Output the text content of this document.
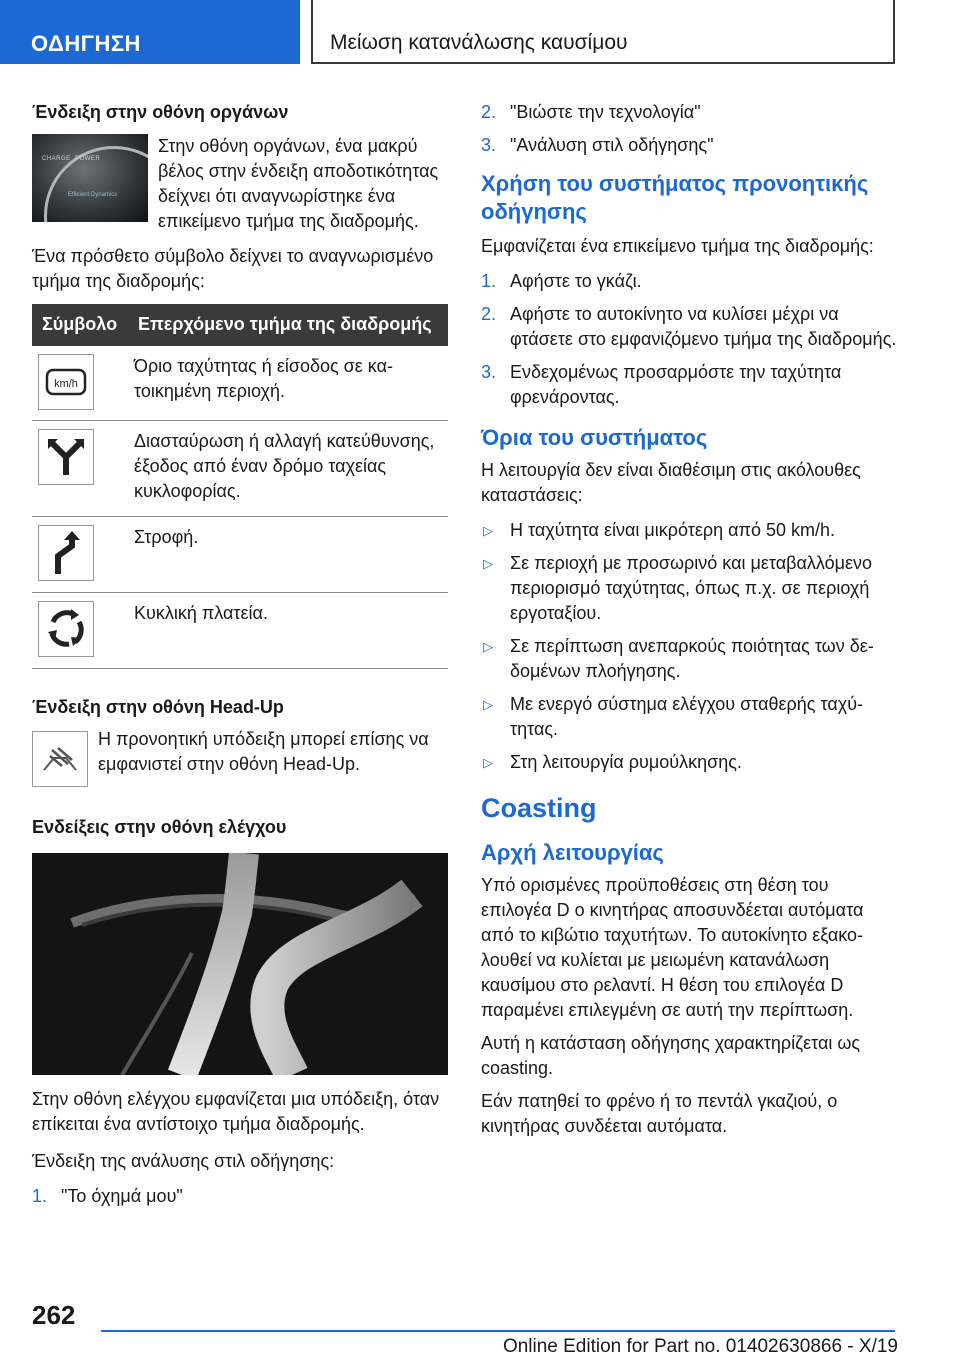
ΟΔΗΓΗΣΗ	Μείωση κατανάλωσης καυσίμου
Ένδειξη στην οθόνη οργάνων
CHARGE POWER
Efficient Dynamics

Στην οθόνη οργάνων, ένα μακρύ βέλος στην ένδειξη αποδοτικότητας δείχνει ότι αναγνωρίστηκε ένα επικείμενο τμήμα της διαδρομής.

Ένα πρόσθετο σύμβολο δείχνει το αναγνωρισμένο τμήμα της διαδρομής:

Σύμβολο	Επερχόμενο τμήμα της διαδρομής

km/h	Όριο ταχύτητας ή είσοδος σε κατοικημένη περιοχή.

	Διασταύρωση ή αλλαγή κατεύθυνσης, έξοδος από έναν δρόμο ταχείας κυκλοφορίας.

	Στροφή.

	Κυκλική πλατεία.
Ένδειξη στην οθόνη Head-Up

Η προνοητική υπόδειξη μπορεί επίσης να εμφανιστεί στην οθόνη Head-Up.

Ενδείξεις στην οθόνη ελέγχου

Στην οθόνη ελέγχου εμφανίζεται μια υπόδειξη, όταν επίκειται ένα αντίστοιχο τμήμα διαδρομής.

Ένδειξη της ανάλυσης στιλ οδήγησης:

1. "Το όχημά μου"
2. "Βιώστε την τεχνολογία"
3. "Ανάλυση στιλ οδήγησης"
Χρήση του συστήματος προνοητικής οδήγησης

Εμφανίζεται ένα επικείμενο τμήμα της διαδρομής:

1. Αφήστε το γκάζι.
2. Αφήστε το αυτοκίνητο να κυλίσει μέχρι να φτάσετε στο εμφανιζόμενο τμήμα της διαδρομής.
3. Ενδεχομένως προσαρμόστε την ταχύτητα φρενάροντας.
Όρια του συστήματος

Η λειτουργία δεν είναι διαθέσιμη στις ακόλουθες καταστάσεις:

▷ Η ταχύτητα είναι μικρότερη από 50 km/h.
▷ Σε περιοχή με προσωρινό και μεταβαλλόμενο περιορισμό ταχύτητας, όπως π.χ. σε περιοχή εργοταξίου.
▷ Σε περίπτωση ανεπαρκούς ποιότητας των δεδομένων πλοήγησης.
▷ Με ενεργό σύστημα ελέγχου σταθερής ταχύτητας.
▷ Στη λειτουργία ρυμούλκησης.
Coasting
Αρχή λειτουργίας

Υπό ορισμένες προϋποθέσεις στη θέση του επιλογέα D ο κινητήρας αποσυνδέεται αυτόματα από το κιβώτιο ταχυτήτων. Το αυτοκίνητο εξακολουθεί να κυλίεται με μειωμένη κατανάλωση καυσίμου στο ρελαντί. Η θέση του επιλογέα D παραμένει επιλεγμένη σε αυτή την περίπτωση.

Αυτή η κατάσταση οδήγησης χαρακτηρίζεται ως coasting.

Εάν πατηθεί το φρένο ή το πεντάλ γκαζιού, ο κινητήρας συνδέεται αυτόματα.

262
Online Edition for Part no. 01402630866 - X/19
